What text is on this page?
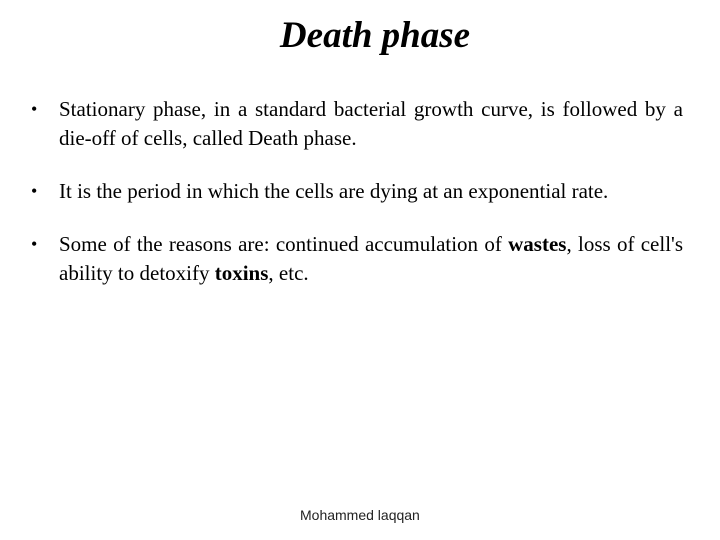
Death phase
• Stationary phase, in a standard bacterial growth curve, is followed by a die-off of cells, called Death phase.
• It is the period in which the cells are dying at an exponential rate.
• Some of the reasons are: continued accumulation of wastes, loss of cell's ability to detoxify toxins, etc.
Mohammed laqqan
